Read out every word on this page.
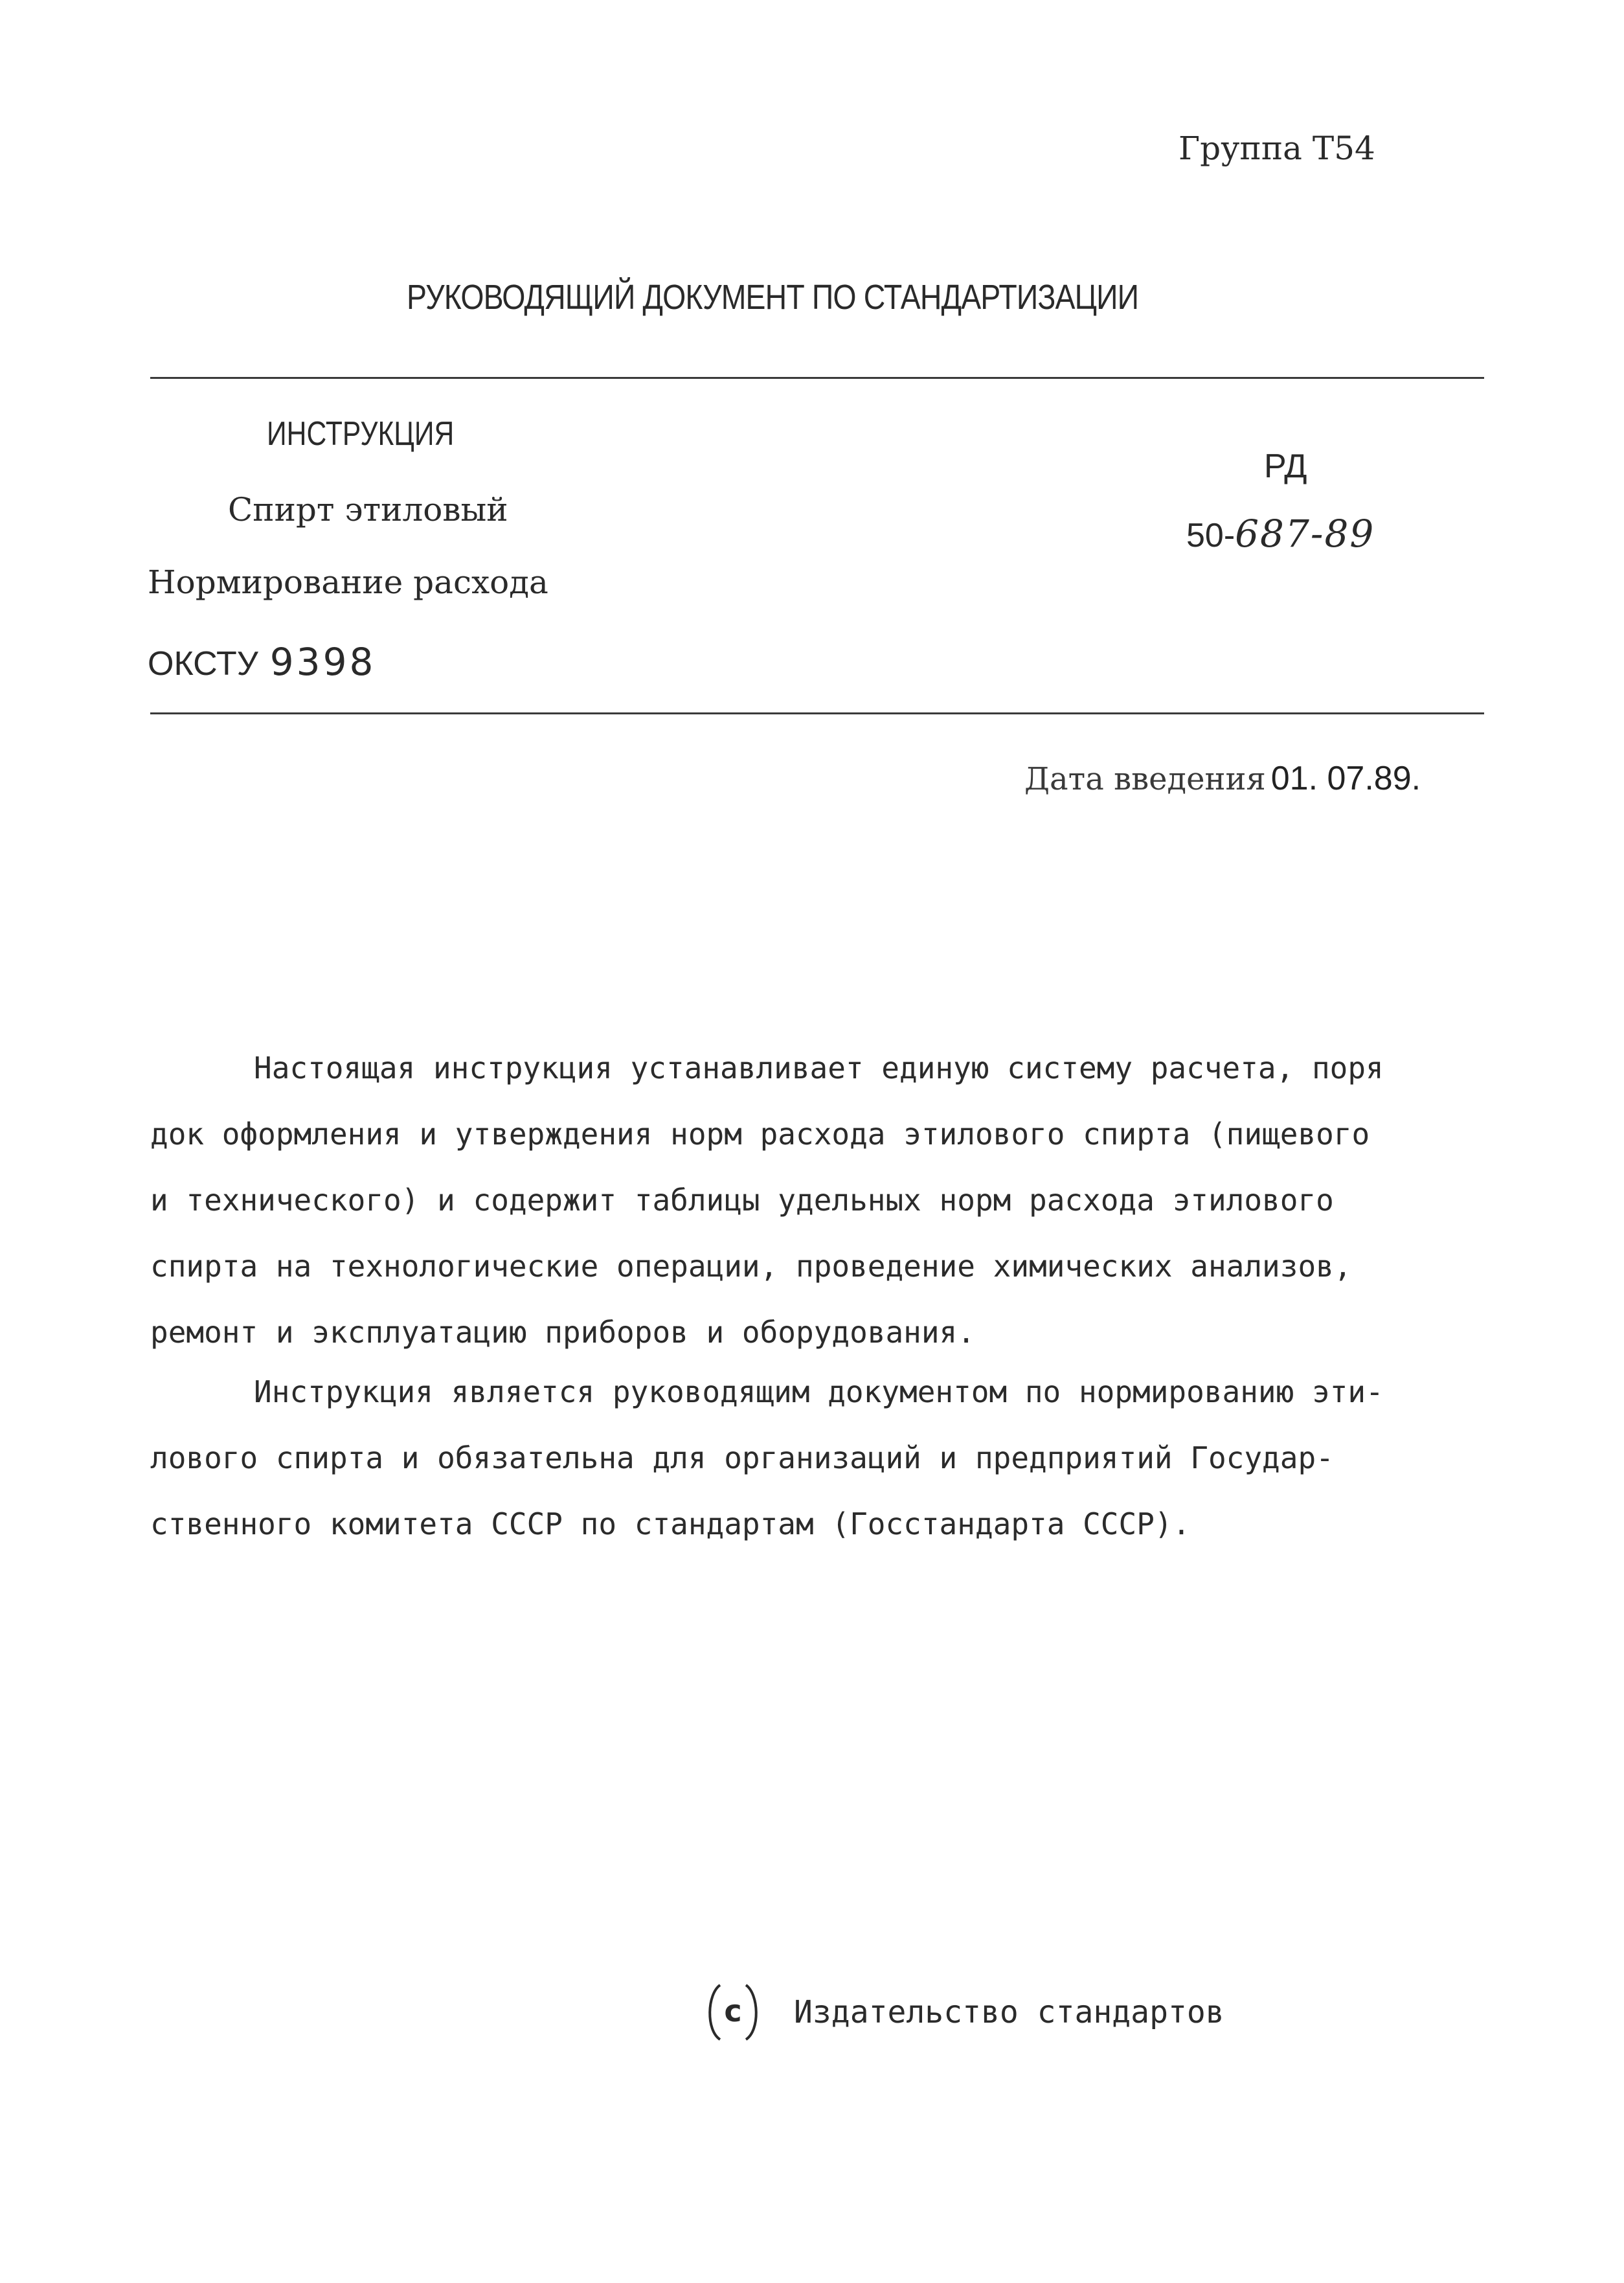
Группа Т54
РУКОВОДЯЩИЙ ДОКУМЕНТ ПО СТАНДАРТИЗАЦИИ
ИНСТРУКЦИЯ
Спирт этиловый
Нормирование расхода
ОКСТУ 9398
РД
50-687-89
Дата введения 01. 07.89.
Настоящая инструкция устанавливает единую систему расчета, поря
док оформления и утверждения норм расхода этилового спирта (пищевого
и технического) и содержит таблицы удельных норм расхода этилового
спирта на технологические операции, проведение химических анализов,
ремонт и эксплуатацию приборов и оборудования.
Инструкция является руководящим документом по нормированию эти-
лового спирта и обязательна для организаций и предприятий Государ-
ственного комитета СССР по стандартам (Госстандарта СССР).
c Издательство стандартов
